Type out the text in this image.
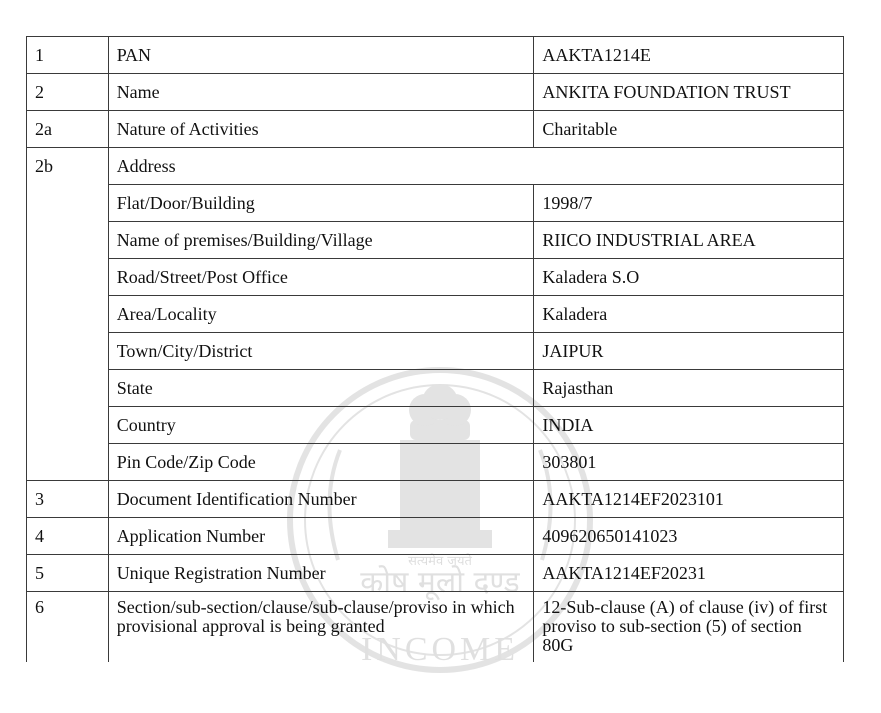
सत्यमेव जयते
कोष मूलो दण्ड
INCOME
1	PAN	AAKTA1214E
2	Name	ANKITA FOUNDATION TRUST
2a	Nature of Activities	Charitable
2b	Address	
	Flat/Door/Building	1998/7
	Name of premises/Building/Village	RIICO INDUSTRIAL AREA
	Road/Street/Post Office	Kaladera S.O
	Area/Locality	Kaladera
	Town/City/District	JAIPUR
	State	Rajasthan
	Country	INDIA
	Pin Code/Zip Code	303801
3	Document Identification Number	AAKTA1214EF2023101
4	Application Number	409620650141023
5	Unique Registration Number	AAKTA1214EF20231
6	Section/sub-section/clause/sub-clause/proviso in which provisional approval is being granted	12-Sub-clause (A) of clause (iv) of first proviso to sub-section (5) of section 80G
